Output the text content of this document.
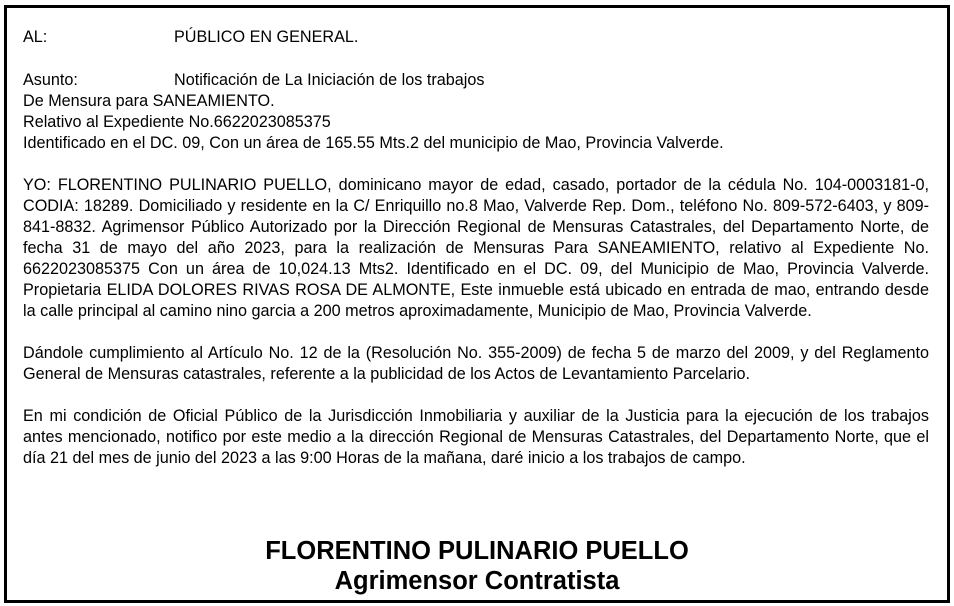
AL:	PÚBLICO EN GENERAL.
Asunto:	Notificación de La Iniciación de los trabajos
De Mensura para SANEAMIENTO.
Relativo al Expediente No.6622023085375
Identificado en el DC. 09, Con un área de 165.55 Mts.2 del municipio de Mao, Provincia Valverde.
YO: FLORENTINO PULINARIO PUELLO, dominicano mayor de edad, casado, portador de la cédula No. 104-0003181-0, CODIA: 18289. Domiciliado y residente en la C/ Enriquillo no.8 Mao, Valverde Rep. Dom., teléfono No. 809-572-6403, y 809-841-8832. Agrimensor Público Autorizado por la Dirección Regional de Mensuras Catastrales, del Departamento Norte, de fecha 31 de mayo del año 2023, para la realización de Mensuras Para SANEAMIENTO, relativo al Expediente No. 6622023085375 Con un área de 10,024.13 Mts2. Identificado en el DC. 09, del Municipio de Mao, Provincia Valverde. Propietaria ELIDA DOLORES RIVAS ROSA DE ALMONTE, Este inmueble está ubicado en entrada de mao, entrando desde la calle principal al camino nino garcia a 200 metros aproximadamente, Municipio de Mao, Provincia Valverde.
Dándole cumplimiento al Artículo No. 12 de la (Resolución No. 355-2009) de fecha 5 de marzo del 2009, y del Reglamento General de Mensuras catastrales, referente a la publicidad de los Actos de Levantamiento Parcelario.
En mi condición de Oficial Público de la Jurisdicción Inmobiliaria y auxiliar de la Justicia para la ejecución de los trabajos antes mencionado, notifico por este medio a la dirección Regional de Mensuras Catastrales, del Departamento Norte, que el día 21 del mes de junio del 2023 a las 9:00 Horas de la mañana, daré inicio a los trabajos de campo.
FLORENTINO PULINARIO PUELLO
Agrimensor Contratista
